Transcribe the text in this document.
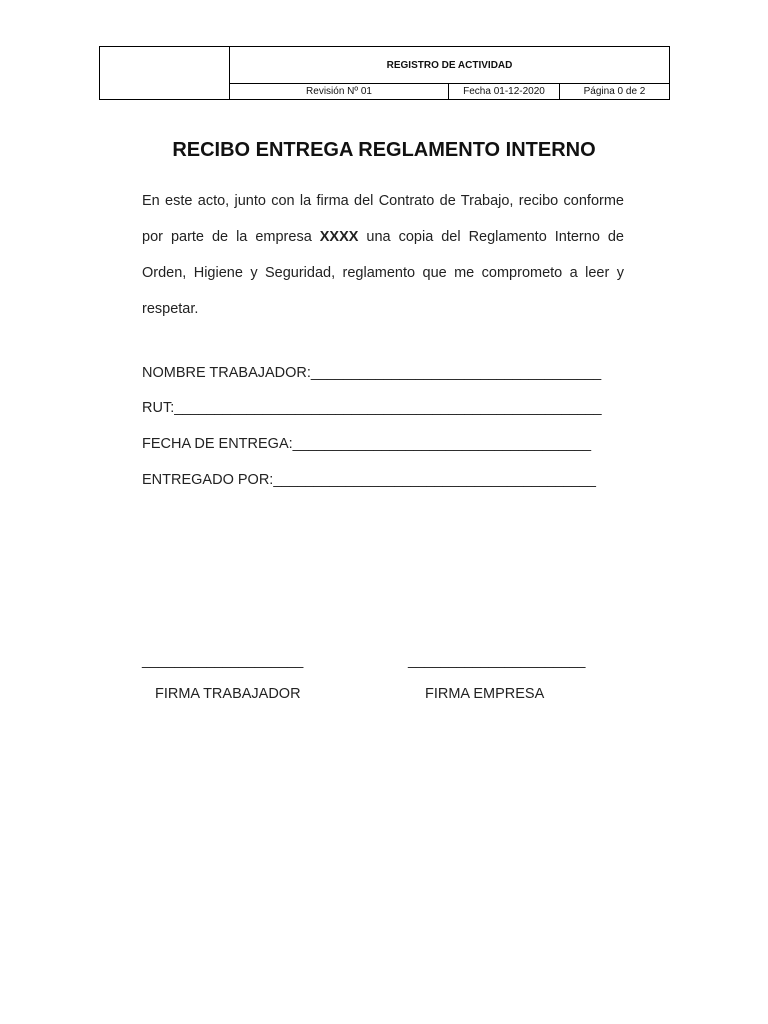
REGISTRO DE ACTIVIDAD
Revisión Nº 01	Fecha 01-12-2020	Página 0 de 2
RECIBO ENTREGA REGLAMENTO INTERNO
En este acto, junto con la firma del Contrato de Trabajo, recibo conforme por parte de la empresa XXXX una copia del Reglamento Interno de Orden, Higiene y Seguridad, reglamento que me comprometo a leer y respetar.
NOMBRE TRABAJADOR:____________________________________
RUT:_____________________________________________________
FECHA DE ENTREGA:_____________________________________
ENTREGADO POR:________________________________________
____________________	______________________
FIRMA TRABAJADOR	FIRMA EMPRESA
